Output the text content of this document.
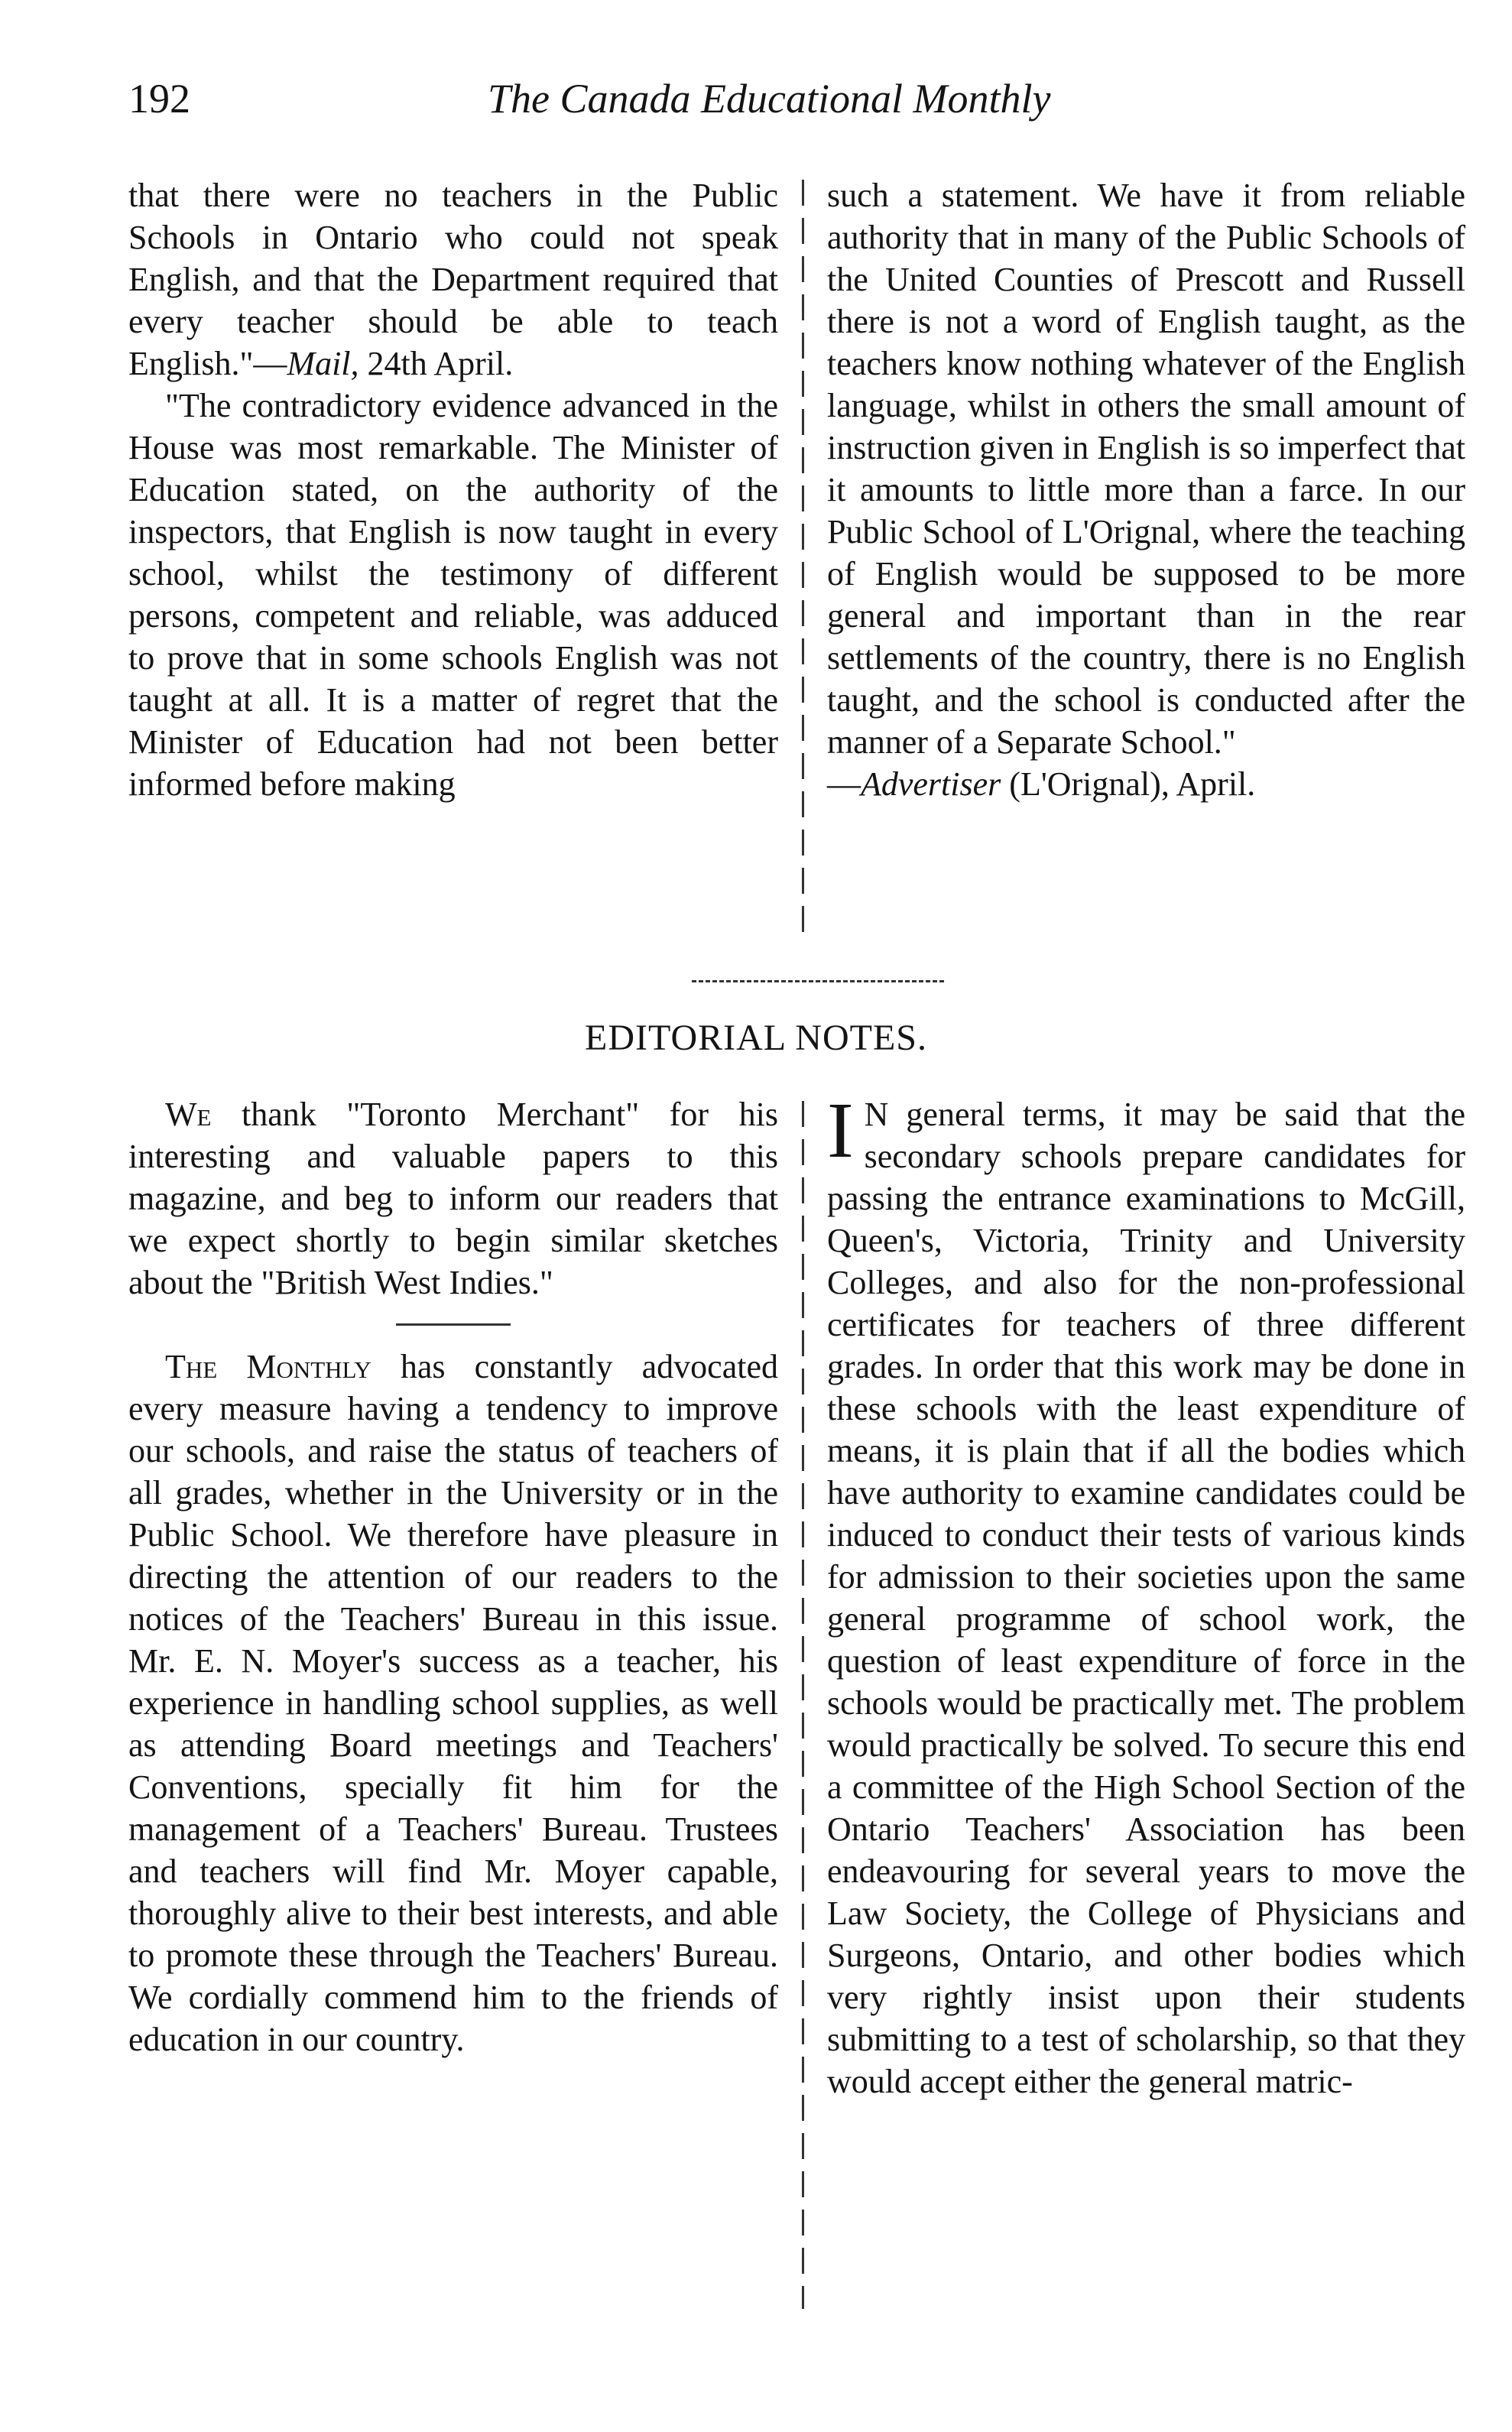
192	The Canada Educational Monthly

that there were no teachers in the Public Schools in Ontario who could not speak English, and that the Department required that every teacher should be able to teach English."—Mail, 24th April.

"The contradictory evidence advanced in the House was most remarkable. The Minister of Education stated, on the authority of the inspectors, that English is now taught in every school, whilst the testimony of different persons, competent and reliable, was adduced to prove that in some schools English was not taught at all. It is a matter of regret that the Minister of Education had not been better informed before making

such a statement. We have it from reliable authority that in many of the Public Schools of the United Counties of Prescott and Russell there is not a word of English taught, as the teachers know nothing whatever of the English language, whilst in others the small amount of instruction given in English is so imperfect that it amounts to little more than a farce. In our Public School of L'Orignal, where the teaching of English would be supposed to be more general and important than in the rear settlements of the country, there is no English taught, and the school is conducted after the manner of a Separate School."

—Advertiser (L'Orignal), April.

EDITORIAL NOTES.

We thank "Toronto Merchant" for his interesting and valuable papers to this magazine, and beg to inform our readers that we expect shortly to begin similar sketches about the "British West Indies."

The Monthly has constantly advocated every measure having a tendency to improve our schools, and raise the status of teachers of all grades, whether in the University or in the Public School. We therefore have pleasure in directing the attention of our readers to the notices of the Teachers' Bureau in this issue. Mr. E. N. Moyer's success as a teacher, his experience in handling school supplies, as well as attending Board meetings and Teachers' Conventions, specially fit him for the management of a Teachers' Bureau. Trustees and teachers will find Mr. Moyer capable, thoroughly alive to their best interests, and able to promote these through the Teachers' Bureau. We cordially commend him to the friends of education in our country.

I N general terms, it may be said that the secondary schools prepare candidates for passing the entrance examinations to McGill, Queen's, Victoria, Trinity and University Colleges, and also for the non-professional certificates for teachers of three different grades. In order that this work may be done in these schools with the least expenditure of means, it is plain that if all the bodies which have authority to examine candidates could be induced to conduct their tests of various kinds for admission to their societies upon the same general programme of school work, the question of least expenditure of force in the schools would be practically met. The problem would practically be solved. To secure this end a committee of the High School Section of the Ontario Teachers' Association has been endeavouring for several years to move the Law Society, the College of Physicians and Surgeons, Ontario, and other bodies which very rightly insist upon their students submitting to a test of scholarship, so that they would accept either the general matric-
